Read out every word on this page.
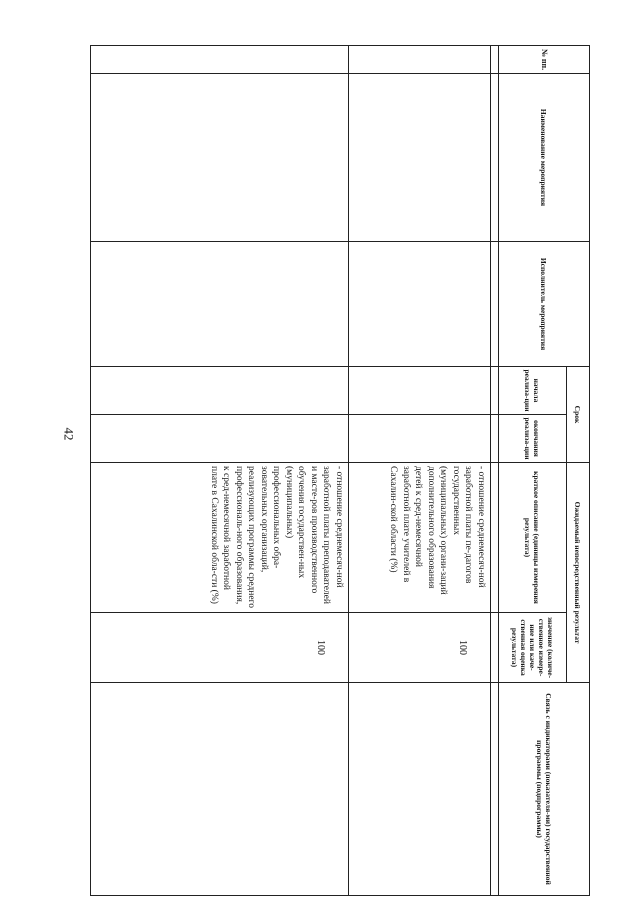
42
№ пп.	Наименование мероприятия	Исполнитель мероприятия	Срок		Ожидаемый непосредственный результат		Связь с индикаторами (показателя-ми) государственной программы (подпрограммы)
			начала реализа-ции	окончания реализа-ции	краткое описание (единицы измерения результата)	значение (количе-ственное измере-ние или каче-ственная оценка результата)	

					- отношение среднемесяч-ной заработной платы пе-дагогов государственных (муниципальных) органи-заций дополнительного образования детей к сред-немесячной заработной плате учителей в Сахалин-ской области (%)	100	
					- отношение среднемесяч-ной заработной платы преподавателей и масте-ров производственного обучения государствен-ных (муниципальных) профессиональных обра-зовательных организаций, реализующих программы среднего профессиональ-ного образования, к сред-немесячной заработной плате в Сахалинской обла-сти (%)	100	
